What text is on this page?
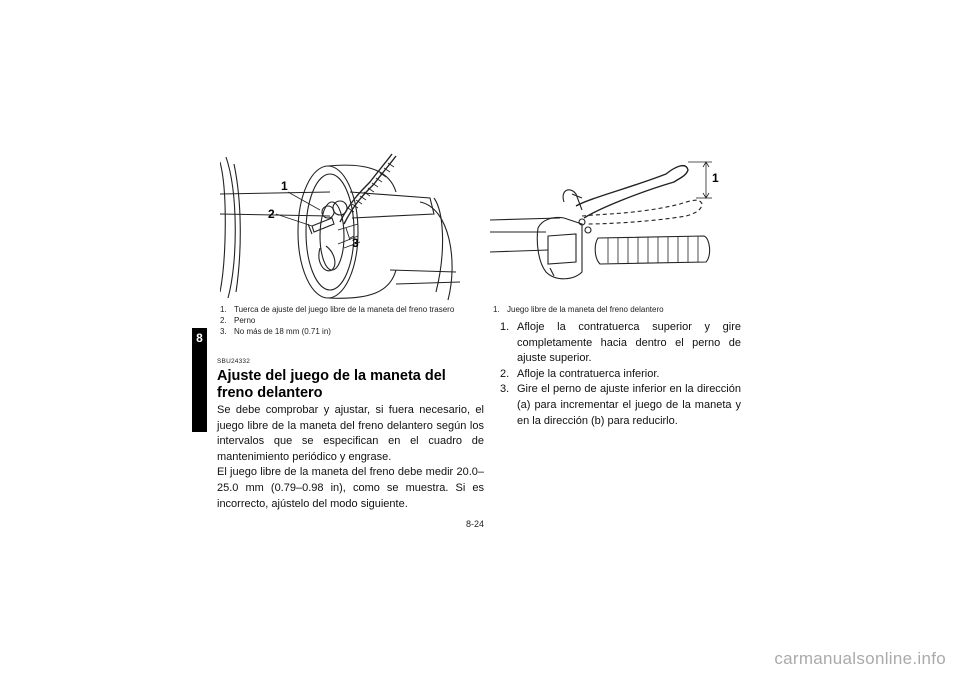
8
1
2
3
1. Tuerca de ajuste del juego libre de la maneta del freno trasero
2. Perno
3. No más de 18 mm (0.71 in)
SBU24332
Ajuste del juego de la maneta del freno delantero

Se debe comprobar y ajustar, si fuera necesario, el juego libre de la maneta del freno delantero según los intervalos que se especifican en el cuadro de mantenimiento periódico y engrase.

El juego libre de la maneta del freno debe medir 20.0–25.0 mm (0.79–0.98 in), como se muestra. Si es incorrecto, ajústelo del modo siguiente.

1
1. Juego libre de la maneta del freno delantero
1. Afloje la contratuerca superior y gire completamente hacia dentro el perno de ajuste superior.
2. Afloje la contratuerca inferior.
3. Gire el perno de ajuste inferior en la dirección (a) para incrementar el juego de la maneta y en la dirección (b) para reducirlo.
8-24
carmanualsonline.info
